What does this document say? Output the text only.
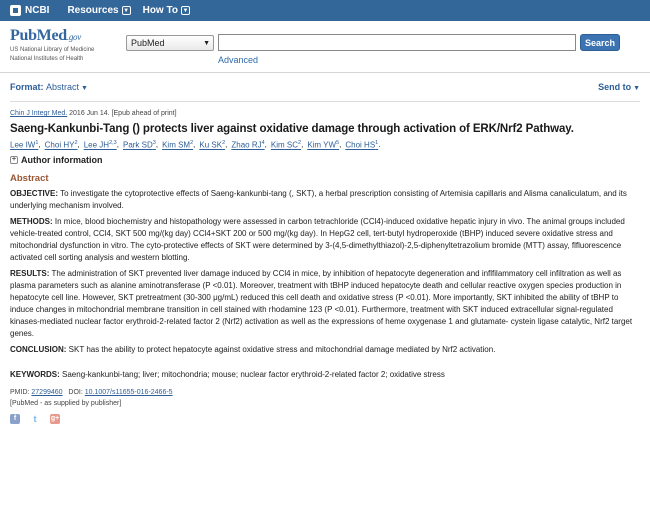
NCBI Resources ▼ How To ▼
PubMed.gov
US National Library of Medicine
National Institutes of Health
PubMed	▼	Search
Advanced
Format: Abstract ▼	Send to ▼
Chin J Integr Med. 2016 Jun 14. [Epub ahead of print]
Saeng-Kankunbi-Tang () protects liver against oxidative damage through activation of ERK/Nrf2 Pathway.
Lee $IW^1$ , Choi $HY^2$ , Lee JH$^{2,3}$ , Park $SD^3$ , Kim $SM^2$ , Ku $SK^2$ , Zhao $RJ^4$ , Kim $SC^2$ , Kim $YW^5$ , Choi $HS^1$ .
+ Author information
Abstract

OBJECTIVE: To investigate the cytoprotective effects of Saeng-kankunbi-tang (, SKT), a herbal prescription consisting of Artemisia capillaris and Alisma canaliculatum, and its underlying mechanism involved.

METHODS: In mice, blood biochemistry and histopathology were assessed in carbon tetrachloride (CCl4)-induced oxidative hepatic injury in vivo. The animal groups included vehicle-treated control, CCl4, SKT 500 mg/(kg day) CCl4+SKT 200 or 500 mg/(kg day). In HepG2 cell, tert-butyl hydroperoxide (tBHP) induced severe oxidative stress and mitochondrial dysfunction in vitro. The cyto-protective effects of SKT were determined by 3-(4,5-dimethylthiazol)-2,5-diphenyltetrazolium bromide (MTT) assay, flfluorescence activated cell sorting analysis and western blotting.

RESULTS: The administration of SKT prevented liver damage induced by CCl4 in mice, by inhibition of hepatocyte degeneration and inflfilammatory cell infiltration as well as plasma parameters such as alanine aminotransferase (P <0.01). Moreover, treatment with tBHP induced hepatocyte death and cellular reactive oxygen species production in hepatocyte cell line. However, SKT pretreatment (30-300 μg/mL) reduced this cell death and oxidative stress (P <0.01). More importantly, SKT inhibited the ability of tBHP to induce changes in mitochondrial membrane transition in cell stained with rhodamine 123 (P <0.01). Furthermore, treatment with SKT induced extracellular signal-regulated kinases-mediated nuclear factor erythroid-2-related factor 2 (Nrf2) activation as well as the expressions of heme oxygenase 1 and glutamate- cystein ligase catalytic, Nrf2 target genes.

CONCLUSION: SKT has the ability to protect hepatocyte against oxidative stress and mitochondrial damage mediated by Nrf2 activation.

KEYWORDS: Saeng-kankunbi-tang; liver; mitochondria; mouse; nuclear factor erythroid-2-related factor 2; oxidative stress

PMID: 27299460 DOI: 10.1007/s11655-016-2466-5
[PubMed - as supplied by publisher]
f	t	g+
